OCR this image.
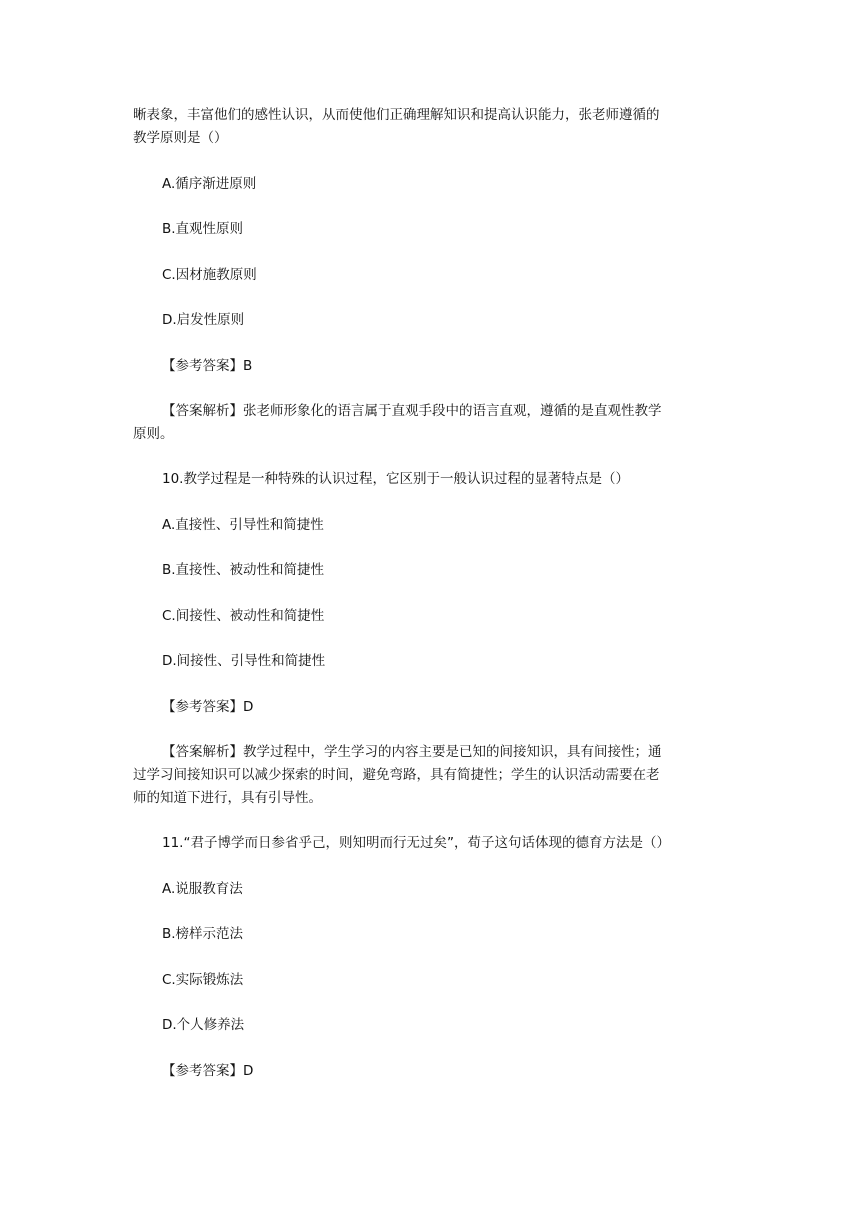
晰表象，丰富他们的感性认识，从而使他们正确理解知识和提高认识能力，张老师遵循的
教学原则是（）
A.循序渐进原则
B.直观性原则
C.因材施教原则
D.启发性原则
【参考答案】B
【答案解析】张老师形象化的语言属于直观手段中的语言直观，遵循的是直观性教学
原则。
10.教学过程是一种特殊的认识过程，它区别于一般认识过程的显著特点是（）
A.直接性、引导性和简捷性
B.直接性、被动性和简捷性
C.间接性、被动性和简捷性
D.间接性、引导性和简捷性
【参考答案】D
【答案解析】教学过程中，学生学习的内容主要是已知的间接知识，具有间接性；通
过学习间接知识可以减少探索的时间，避免弯路，具有简捷性；学生的认识活动需要在老
师的知道下进行，具有引导性。
11.“君子博学而日参省乎己，则知明而行无过矣”，荀子这句话体现的德育方法是（）
A.说服教育法
B.榜样示范法
C.实际锻炼法
D.个人修养法
【参考答案】D
